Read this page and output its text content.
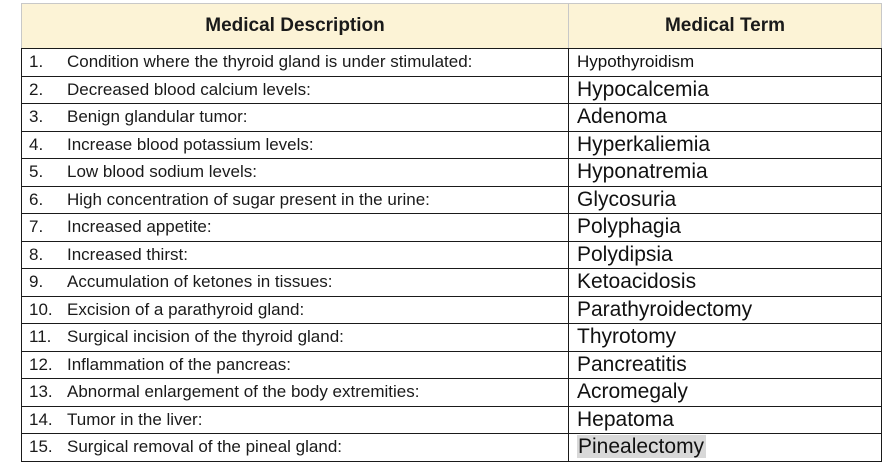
Medical Description	Medical Term
1. Condition where the thyroid gland is under stimulated:	Hypothyroidism
2. Decreased blood calcium levels:	Hypocalcemia
3. Benign glandular tumor:	Adenoma
4. Increase blood potassium levels:	Hyperkaliemia
5. Low blood sodium levels:	Hyponatremia
6. High concentration of sugar present in the urine:	Glycosuria
7. Increased appetite:	Polyphagia
8. Increased thirst:	Polydipsia
9. Accumulation of ketones in tissues:	Ketoacidosis
10. Excision of a parathyroid gland:	Parathyroidectomy
11. Surgical incision of the thyroid gland:	Thyrotomy
12. Inflammation of the pancreas:	Pancreatitis
13. Abnormal enlargement of the body extremities:	Acromegaly
14. Tumor in the liver:	Hepatoma
15. Surgical removal of the pineal gland:	Pinealectomy
